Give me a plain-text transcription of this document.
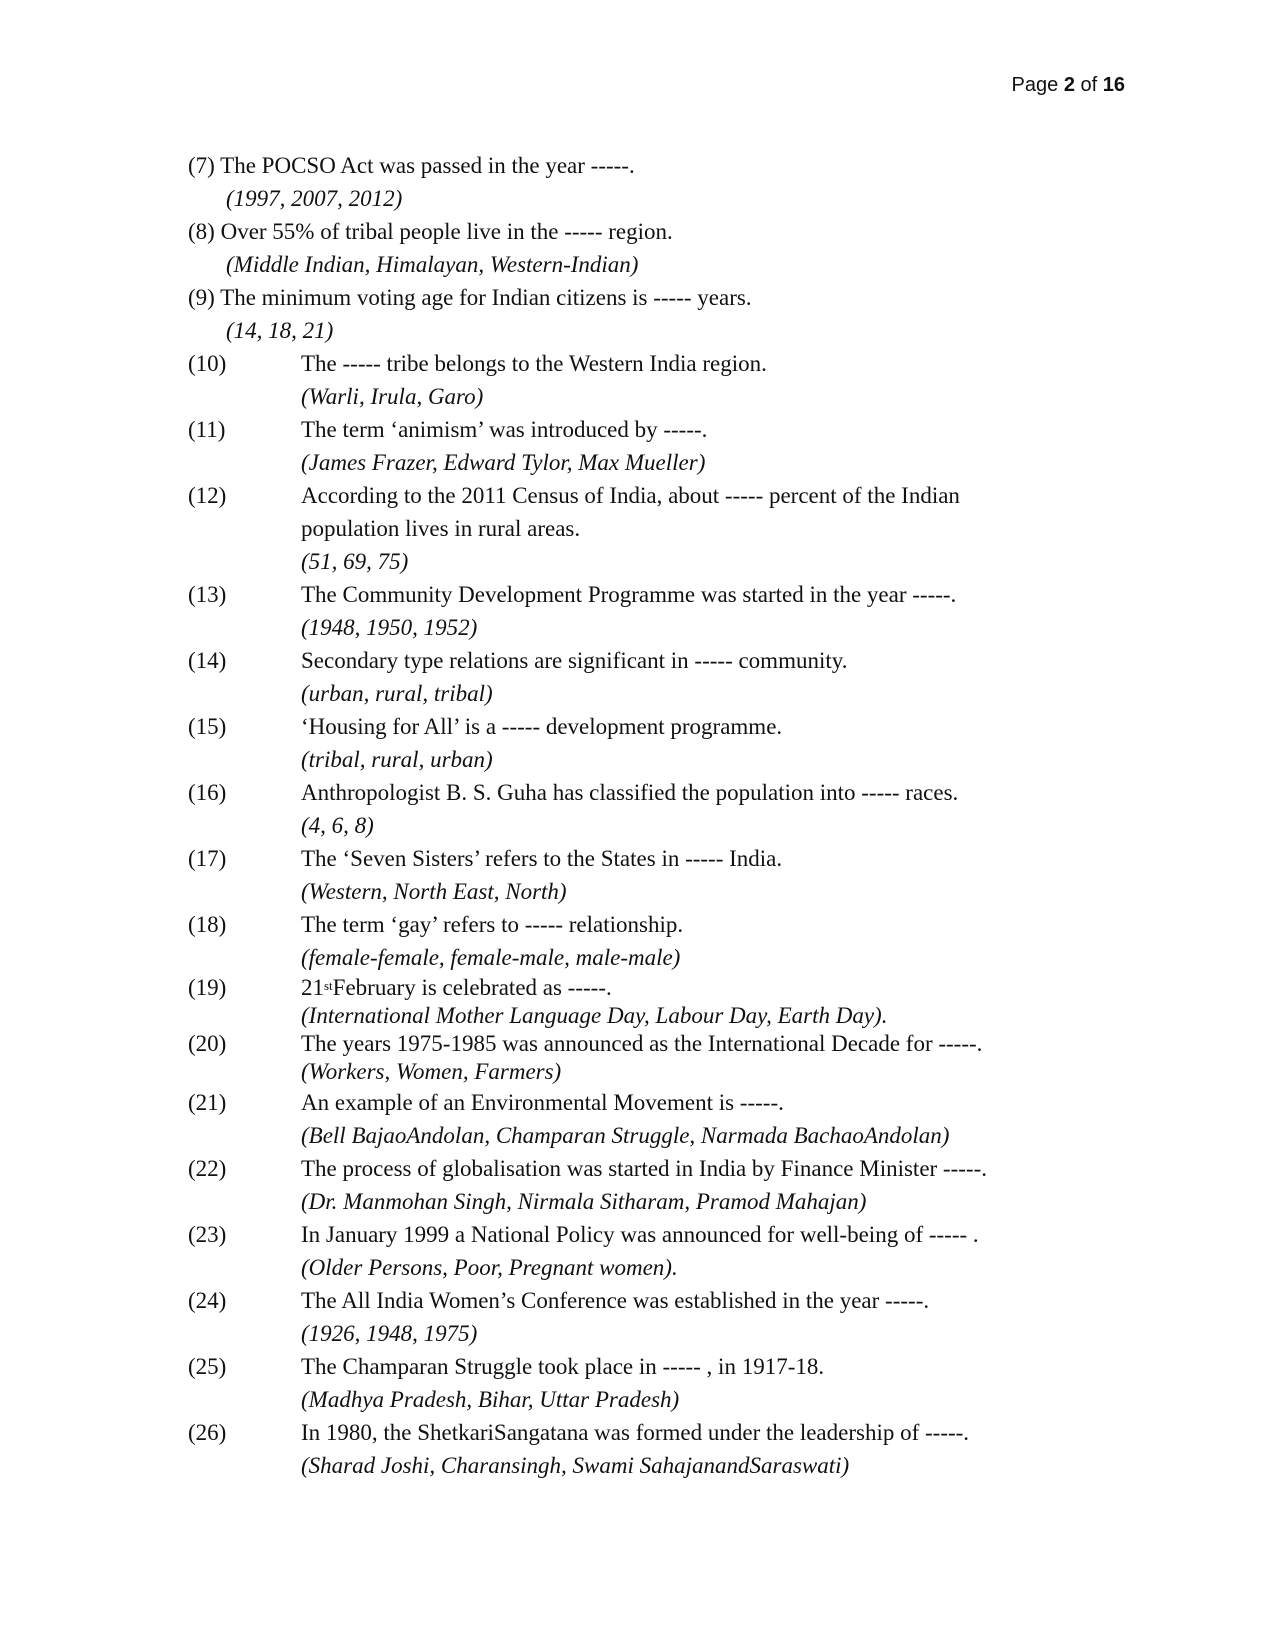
Page 2 of 16
(7) The POCSO Act was passed in the year -----.
(1997, 2007, 2012)
(8) Over 55% of tribal people live in the ----- region.
(Middle Indian, Himalayan, Western-Indian)
(9) The minimum voting age for Indian citizens is ----- years.
(14, 18, 21)
(10)	The ----- tribe belongs to the Western India region.
(Warli, Irula, Garo)
(11)	The term ‘animism’ was introduced by -----.
(James Frazer, Edward Tylor, Max Mueller)
(12)	According to the 2011 Census of India, about ----- percent of the Indian
population lives in rural areas.
(51, 69, 75)
(13)	The Community Development Programme was started in the year -----.
(1948, 1950, 1952)
(14)	Secondary type relations are significant in ----- community.
(urban, rural, tribal)
(15)	‘Housing for All’ is a ----- development programme.
(tribal, rural, urban)
(16)	Anthropologist B. S. Guha has classified the population into ----- races.
(4, 6, 8)
(17)	The ‘Seven Sisters’ refers to the States in ----- India.
(Western, North East, North)
(18)	The term ‘gay’ refers to ----- relationship.
(female-female, female-male, male-male)
(19)	21stFebruary is celebrated as -----.
(International Mother Language Day, Labour Day, Earth Day).
(20)	The years 1975-1985 was announced as the International Decade for -----.
(Workers, Women, Farmers)
(21)	An example of an Environmental Movement is -----.
(Bell BajaoAndolan, Champaran Struggle, Narmada BachaoAndolan)
(22)	The process of globalisation was started in India by Finance Minister -----.
(Dr. Manmohan Singh, Nirmala Sitharam, Pramod Mahajan)
(23)	In January 1999 a National Policy was announced for well-being of ----- .
(Older Persons, Poor, Pregnant women).
(24)	The All India Women’s Conference was established in the year -----.
(1926, 1948, 1975)
(25)	The Champaran Struggle took place in ----- , in 1917-18.
(Madhya Pradesh, Bihar, Uttar Pradesh)
(26)	In 1980, the ShetkariSangatana was formed under the leadership of -----.
(Sharad Joshi, Charansingh, Swami SahajanandSaraswati)
